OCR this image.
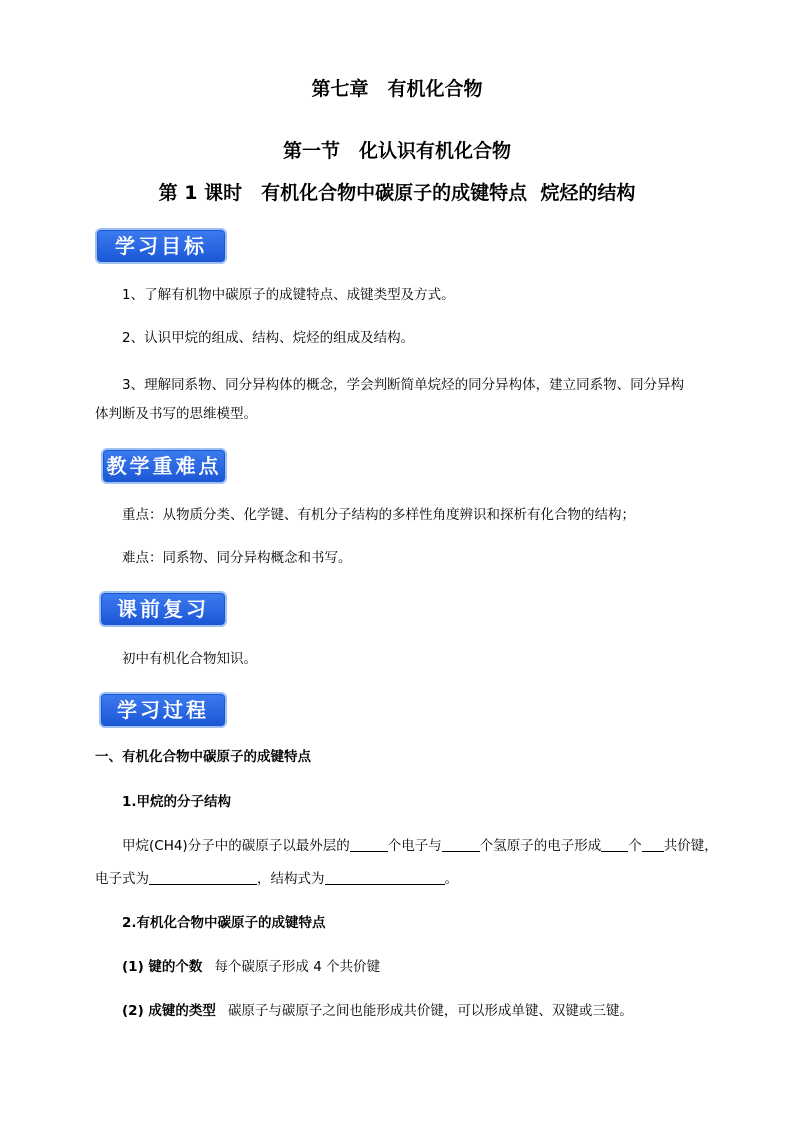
第七章　有机化合物
第一节　化认识有机化合物
第 1 课时　有机化合物中碳原子的成键特点  烷烃的结构
学习目标
1、了解有机物中碳原子的成键特点、成键类型及方式。
2、认识甲烷的组成、结构、烷烃的组成及结构。
3、理解同系物、同分异构体的概念，学会判断简单烷烃的同分异构体，建立同系物、同分异构
体判断及书写的思维模型。
教学重难点
重点：从物质分类、化学键、有机分子结构的多样性角度辨识和探析有化合物的结构；
难点：同系物、同分异构概念和书写。
课前复习
初中有机化合物知识。
学习过程
一、有机化合物中碳原子的成键特点
1.甲烷的分子结构
甲烷(CH4)分子中的碳原子以最外层的	个电子与	个氢原子的电子形成 个 共价键，
电子式为	，结构式为	。
2.有机化合物中碳原子的成键特点
(1) 键的个数 每个碳原子形成 4 个共价键
(2) 成键的类型 碳原子与碳原子之间也能形成共价键，可以形成单键、双键或三键。
